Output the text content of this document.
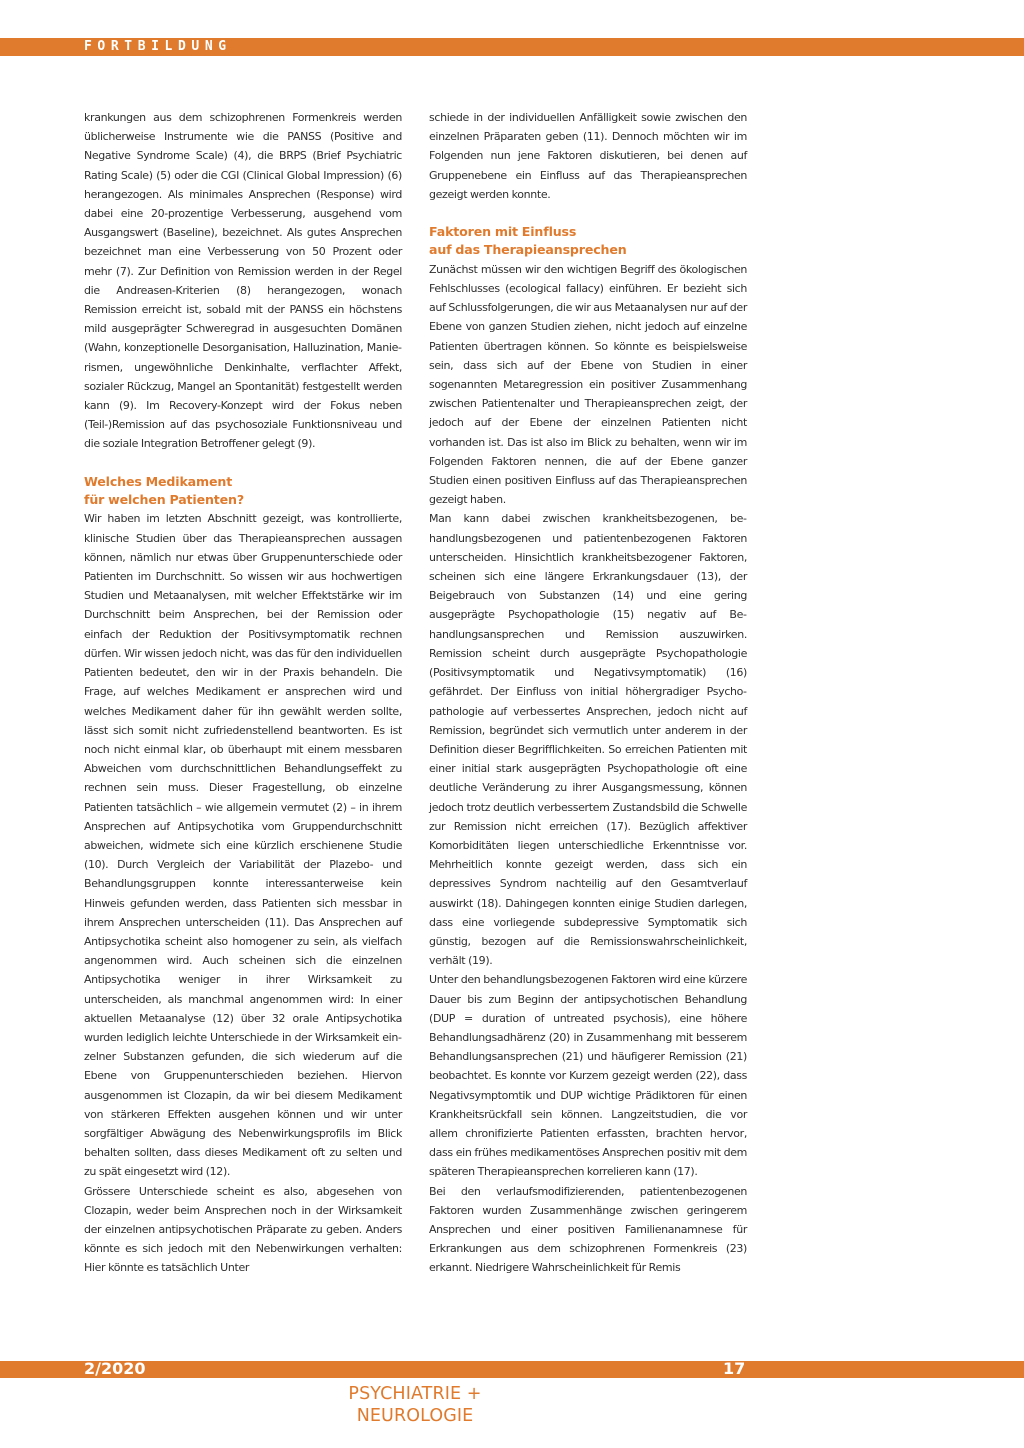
FORTBILDUNG

krankungen aus dem schizophrenen Formenkreis werden üblicherweise Instrumente wie die PANSS (Positive and Negative Syndrome Scale) (4), die BRPS (Brief Psychiatric Rating Scale) (5) oder die CGI (Clinical Global Impression) (6) herangezogen. Als minimales Ansprechen (Response) wird dabei eine 20-prozentige Verbesserung, ausgehend vom Ausgangswert (Baseline), bezeichnet. Als gutes Ansprechen bezeichnet man eine Verbesserung von 50 Prozent oder mehr (7). Zur Definition von Remission werden in der Regel die Andreasen-Kriterien (8) herangezogen, wonach Remission erreicht ist, sobald mit der PANSS ein höchstens mild ausgeprägter Schweregrad in ausgesuchten Domänen (Wahn, konzeptionelle Desorganisation, Halluzination, Manierismen, ungewöhnliche Denkinhalte, verflachter Affekt, sozialer Rückzug, Mangel an Spontanität) festgestellt werden kann (9). Im Recovery-Konzept wird der Fokus neben (Teil-)Remission auf das psychosoziale Funktionsniveau und die soziale Integration Betroffener gelegt (9).

Welches Medikament
für welchen Patienten?

Wir haben im letzten Abschnitt gezeigt, was kontrollierte, klinische Studien über das Therapieansprechen aussagen können, nämlich nur etwas über Gruppenunterschiede oder Patienten im Durchschnitt. So wissen wir aus hochwertigen Studien und Metaanalysen, mit welcher Effektstärke wir im Durchschnitt beim Ansprechen, bei der Remission oder einfach der Reduktion der Positivsymptomatik rechnen dürfen. Wir wissen jedoch nicht, was das für den individuellen Patienten bedeutet, den wir in der Praxis behandeln. Die Frage, auf welches Medikament er ansprechen wird und welches Medikament daher für ihn gewählt werden sollte, lässt sich somit nicht zufriedenstellend beantworten. Es ist noch nicht einmal klar, ob überhaupt mit einem messbaren Abweichen vom durchschnittlichen Behandlungseffekt zu rechnen sein muss. Dieser Fragestellung, ob einzelne Patienten tatsächlich – wie allgemein vermutet (2) – in ihrem Ansprechen auf Antipsychotika vom Gruppendurchschnitt abweichen, widmete sich eine kürzlich erschienene Studie (10). Durch Vergleich der Variabilität der Plazebo- und Behandlungsgruppen konnte interessanterweise kein Hinweis gefunden werden, dass Patienten sich messbar in ihrem Ansprechen unterscheiden (11). Das Ansprechen auf Antipsychotika scheint also homogener zu sein, als vielfach angenommen wird. Auch scheinen sich die einzelnen Antipsychotika weniger in ihrer Wirksamkeit zu unterscheiden, als manchmal angenommen wird: In einer aktuellen Metaanalyse (12) über 32 orale Antipsychotika wurden lediglich leichte Unterschiede in der Wirksamkeit einzelner Substanzen gefunden, die sich wiederum auf die Ebene von Gruppenunterschieden beziehen. Hiervon ausgenommen ist Clozapin, da wir bei diesem Medikament von stärkeren Effekten ausgehen können und wir unter sorgfältiger Abwägung des Nebenwirkungsprofils im Blick behalten sollten, dass dieses Medikament oft zu selten und zu spät eingesetzt wird (12).

Grössere Unterschiede scheint es also, abgesehen von Clozapin, weder beim Ansprechen noch in der Wirksamkeit der einzelnen antipsychotischen Präparate zu geben. Anders könnte es sich jedoch mit den Nebenwirkungen verhalten: Hier könnte es tatsächlich Unter

schiede in der individuellen Anfälligkeit sowie zwischen den einzelnen Präparaten geben (11). Dennoch möchten wir im Folgenden nun jene Faktoren diskutieren, bei denen auf Gruppenebene ein Einfluss auf das Therapieansprechen gezeigt werden konnte.

Faktoren mit Einfluss
auf das Therapieansprechen

Zunächst müssen wir den wichtigen Begriff des ökologischen Fehlschlusses (ecological fallacy) einführen. Er bezieht sich auf Schlussfolgerungen, die wir aus Metaanalysen nur auf der Ebene von ganzen Studien ziehen, nicht jedoch auf einzelne Patienten übertragen können. So könnte es beispielsweise sein, dass sich auf der Ebene von Studien in einer sogenannten Metaregression ein positiver Zusammenhang zwischen Patientenalter und Therapieansprechen zeigt, der jedoch auf der Ebene der einzelnen Patienten nicht vorhanden ist. Das ist also im Blick zu behalten, wenn wir im Folgenden Faktoren nennen, die auf der Ebene ganzer Studien einen positiven Einfluss auf das Therapieansprechen gezeigt haben.

Man kann dabei zwischen krankheitsbezogenen, behandlungsbezogenen und patientenbezogenen Faktoren unterscheiden. Hinsichtlich krankheitsbezogener Faktoren, scheinen sich eine längere Erkrankungsdauer (13), der Beigebrauch von Substanzen (14) und eine gering ausgeprägte Psychopathologie (15) negativ auf Behandlungsansprechen und Remission auszuwirken. Remission scheint durch ausgeprägte Psychopathologie (Positivsymptomatik und Negativsymptomatik) (16) gefährdet. Der Einfluss von initial höhergradiger Psychopathologie auf verbessertes Ansprechen, jedoch nicht auf Remission, begründet sich vermutlich unter anderem in der Definition dieser Begrifflichkeiten. So erreichen Patienten mit einer initial stark ausgeprägten Psychopathologie oft eine deutliche Veränderung zu ihrer Ausgangsmessung, können jedoch trotz deutlich verbessertem Zustandsbild die Schwelle zur Remission nicht erreichen (17). Bezüglich affektiver Komorbiditäten liegen unterschiedliche Erkenntnisse vor. Mehrheitlich konnte gezeigt werden, dass sich ein depressives Syndrom nachteilig auf den Gesamtverlauf auswirkt (18). Dahingegen konnten einige Studien darlegen, dass eine vorliegende subdepressive Symptomatik sich günstig, bezogen auf die Remissionswahrscheinlichkeit, verhält (19).

Unter den behandlungsbezogenen Faktoren wird eine kürzere Dauer bis zum Beginn der antipsychotischen Behandlung (DUP = duration of untreated psychosis), eine höhere Behandlungsadhärenz (20) in Zusammenhang mit besserem Behandlungsansprechen (21) und häufigerer Remission (21) beobachtet. Es konnte vor Kurzem gezeigt werden (22), dass Negativsymptomtik und DUP wichtige Prädiktoren für einen Krankheitsrückfall sein können. Langzeitstudien, die vor allem chronifizierte Patienten erfassten, brachten hervor, dass ein frühes medikamentöses Ansprechen positiv mit dem späteren Therapieansprechen korrelieren kann (17).

Bei den verlaufsmodifizierenden, patientenbezogenen Faktoren wurden Zusammenhänge zwischen geringerem Ansprechen und einer positiven Familienanamnese für Erkrankungen aus dem schizophrenen Formenkreis (23) erkannt. Niedrigere Wahrscheinlichkeit für Remis

2/2020	17
PSYCHIATRIE + NEUROLOGIE
